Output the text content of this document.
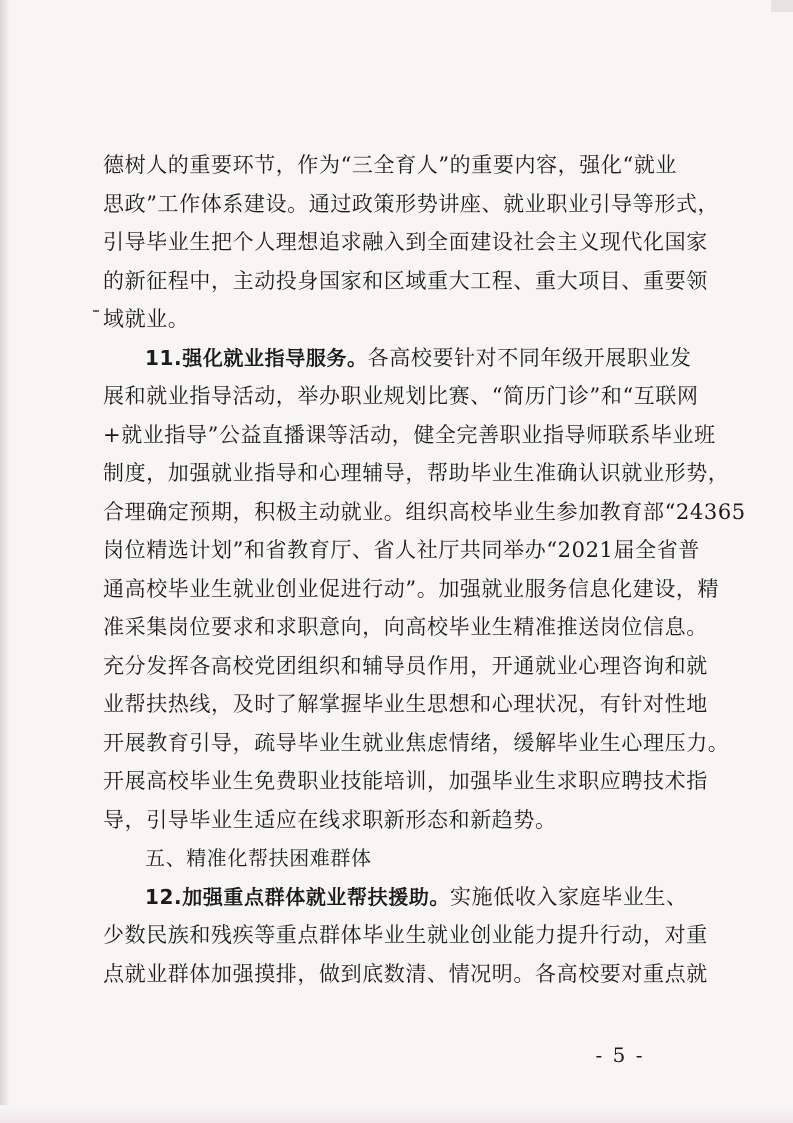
德树人的重要环节，作为“三全育人”的重要内容，强化“就业
思政”工作体系建设。通过政策形势讲座、就业职业引导等形式，
引导毕业生把个人理想追求融入到全面建设社会主义现代化国家
的新征程中，主动投身国家和区域重大工程、重大项目、重要领
域就业。
11.强化就业指导服务。各高校要针对不同年级开展职业发
展和就业指导活动，举办职业规划比赛、“简历门诊”和“互联网
+就业指导”公益直播课等活动，健全完善职业指导师联系毕业班
制度，加强就业指导和心理辅导，帮助毕业生准确认识就业形势，
合理确定预期，积极主动就业。组织高校毕业生参加教育部“24365
岗位精选计划”和省教育厅、省人社厅共同举办“2021届全省普
通高校毕业生就业创业促进行动”。加强就业服务信息化建设，精
准采集岗位要求和求职意向，向高校毕业生精准推送岗位信息。
充分发挥各高校党团组织和辅导员作用，开通就业心理咨询和就
业帮扶热线，及时了解掌握毕业生思想和心理状况，有针对性地
开展教育引导，疏导毕业生就业焦虑情绪，缓解毕业生心理压力。
开展高校毕业生免费职业技能培训，加强毕业生求职应聘技术指
导，引导毕业生适应在线求职新形态和新趋势。
五、精准化帮扶困难群体
12.加强重点群体就业帮扶援助。实施低收入家庭毕业生、
少数民族和残疾等重点群体毕业生就业创业能力提升行动，对重
点就业群体加强摸排，做到底数清、情况明。各高校要对重点就
- 5 -
